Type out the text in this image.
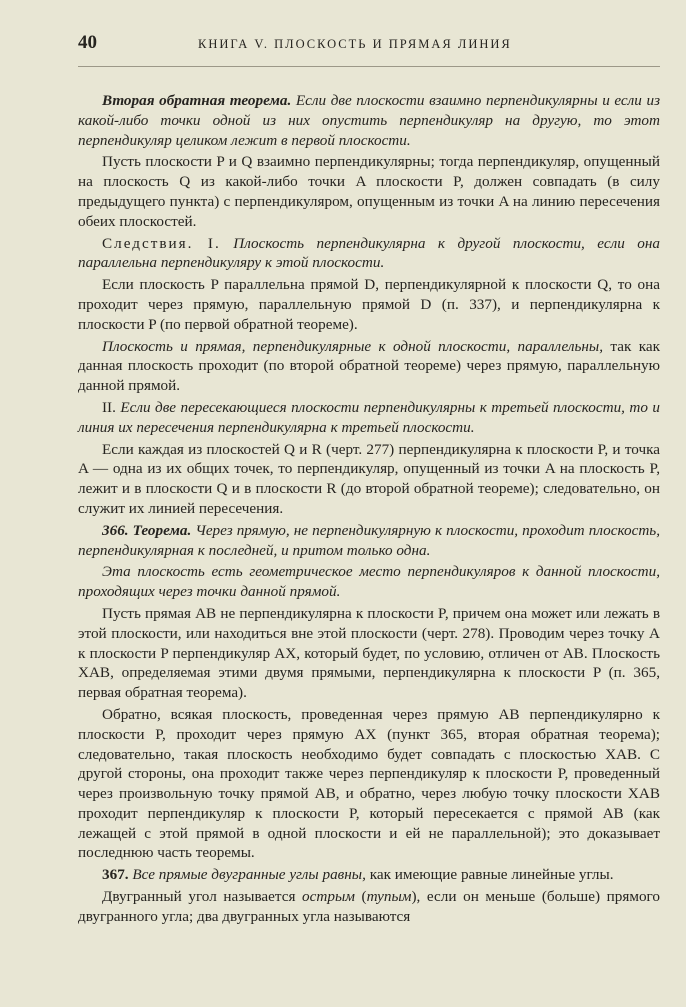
40	КНИГА V. ПЛОСКОСТЬ И ПРЯМАЯ ЛИНИЯ

Вторая обратная теорема. Если две плоскости взаимно перпендикулярны и если из какой-либо точки одной из них опустить перпендикуляр на другую, то этот перпендикуляр целиком лежит в первой плоскости.

Пусть плоскости P и Q взаимно перпендикулярны; тогда перпендикуляр, опущенный на плоскость Q из какой-либо точки A плоскости P, должен совпадать (в силу предыдущего пункта) с перпендикуляром, опущенным из точки A на линию пересечения обеих плоскостей.

Следствия. I. Плоскость перпендикулярна к другой плоскости, если она параллельна перпендикуляру к этой плоскости.

Если плоскость P параллельна прямой D, перпендикулярной к плоскости Q, то она проходит через прямую, параллельную прямой D (п. 337), и перпендикулярна к плоскости P (по первой обратной теореме).

Плоскость и прямая, перпендикулярные к одной плоскости, параллельны, так как данная плоскость проходит (по второй обратной теореме) через прямую, параллельную данной прямой.

II. Если две пересекающиеся плоскости перпендикулярны к третьей плоскости, то и линия их пересечения перпендикулярна к третьей плоскости.

Если каждая из плоскостей Q и R (черт. 277) перпендикулярна к плоскости P, и точка A — одна из их общих точек, то перпендикуляр, опущенный из точки A на плоскость P, лежит и в плоскости Q и в плоскости R (до второй обратной теореме); следовательно, он служит их линией пересечения.

366. Теорема. Через прямую, не перпендикулярную к плоскости, проходит плоскость, перпендикулярная к последней, и притом только одна.

Эта плоскость есть геометрическое место перпендикуляров к данной плоскости, проходящих через точки данной прямой.

Пусть прямая AB не перпендикулярна к плоскости P, причем она может или лежать в этой плоскости, или находиться вне этой плоскости (черт. 278). Проводим через точку A к плоскости P перпендикуляр AX, который будет, по условию, отличен от AB. Плоскость XAB, определяемая этими двумя прямыми, перпендикулярна к плоскости P (п. 365, первая обратная теорема).

Обратно, всякая плоскость, проведенная через прямую AB перпендикулярно к плоскости P, проходит через прямую AX (пункт 365, вторая обратная теорема); следовательно, такая плоскость необходимо будет совпадать с плоскостью XAB. С другой стороны, она проходит также через перпендикуляр к плоскости P, проведенный через произвольную точку прямой AB, и обратно, через любую точку плоскости XAB проходит перпендикуляр к плоскости P, который пересекается с прямой AB (как лежащей с этой прямой в одной плоскости и ей не параллельной); это доказывает последнюю часть теоремы.

367. Все прямые двугранные углы равны, как имеющие равные линейные углы.

Двугранный угол называется острым (тупым), если он меньше (больше) прямого двугранного угла; два двугранных угла называются
